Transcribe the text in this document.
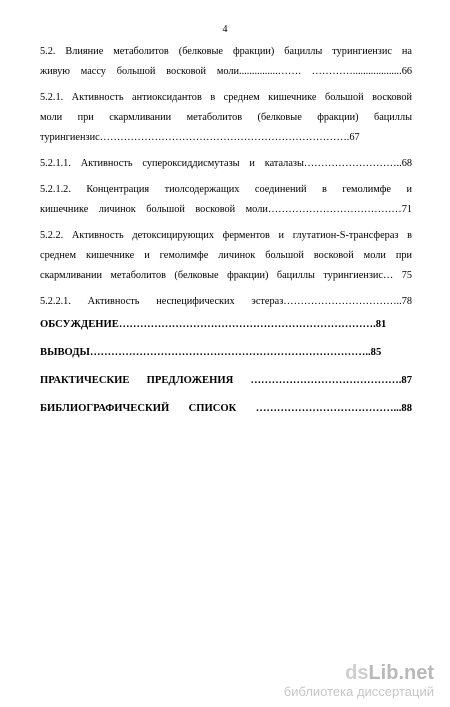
4
5.2. Влияние метаболитов (белковые фракции) бациллы турингиензис на
живую массу большой восковой моли...............……. …………...................66
5.2.1. Активность антиоксидантов в среднем кишечнике большой восковой
моли при скармливании метаболитов (белковые фракции) бациллы
турингиензис……………………………………………………………….67
5.2.1.1. Активность супероксиддисмутазы и каталазы………………………..68
5.2.1.2. Концентрация тиолсодержащих соединений в гемолимфе и
кишечнике личинок большой восковой моли…………………………………71
5.2.2. Активность детоксицирующих ферментов и глутатион-S-трансфераз в
среднем кишечнике и гемолимфе личинок большой восковой моли при
скармливании метаболитов (белковые фракции) бациллы турингиензис… 75
5.2.2.1. Активность неспецифических эстераз……………………………..78
ОБСУЖДЕНИЕ……………………………………………………………….81
ВЫВОДЫ……………………………………………………………………..85
ПРАКТИЧЕСКИЕ ПРЕДЛОЖЕНИЯ …………………………………….87
БИБЛИОГРАФИЧЕСКИЙ СПИСОК …………………………………...88
dsLib.net
библиотека диссертаций
